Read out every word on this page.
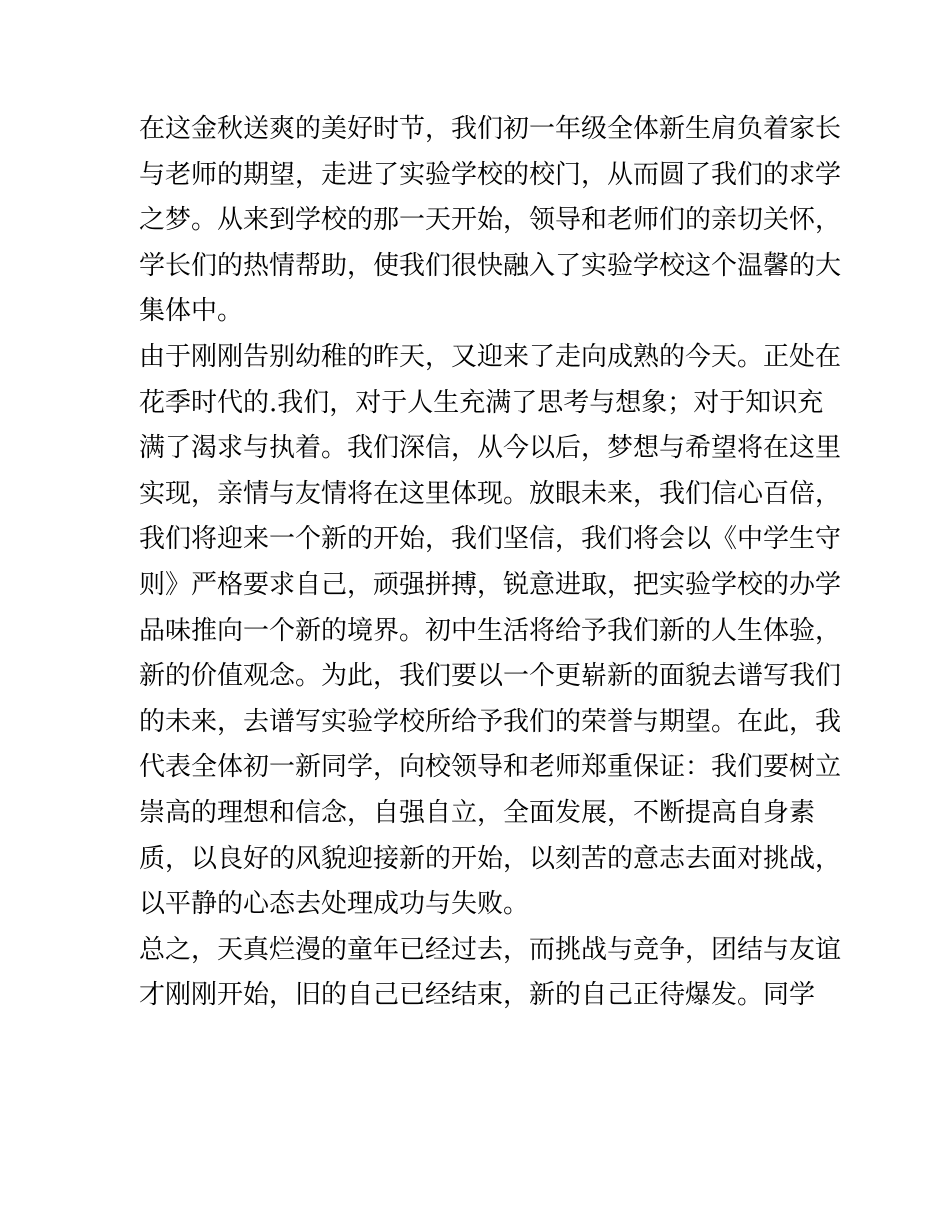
在这金秋送爽的美好时节，我们初一年级全体新生肩负着家长
与老师的期望，走进了实验学校的校门，从而圆了我们的求学
之梦。从来到学校的那一天开始，领导和老师们的亲切关怀，
学长们的热情帮助，使我们很快融入了实验学校这个温馨的大
集体中。
由于刚刚告别幼稚的昨天，又迎来了走向成熟的今天。正处在
花季时代的.我们，对于人生充满了思考与想象；对于知识充
满了渴求与执着。我们深信，从今以后，梦想与希望将在这里
实现，亲情与友情将在这里体现。放眼未来，我们信心百倍，
我们将迎来一个新的开始，我们坚信，我们将会以《中学生守
则》严格要求自己，顽强拼搏，锐意进取，把实验学校的办学
品味推向一个新的境界。初中生活将给予我们新的人生体验，
新的价值观念。为此，我们要以一个更崭新的面貌去谱写我们
的未来，去谱写实验学校所给予我们的荣誉与期望。在此，我
代表全体初一新同学，向校领导和老师郑重保证：我们要树立
崇高的理想和信念，自强自立，全面发展，不断提高自身素
质，以良好的风貌迎接新的开始，以刻苦的意志去面对挑战，
以平静的心态去处理成功与失败。
总之，天真烂漫的童年已经过去，而挑战与竞争，团结与友谊
才刚刚开始，旧的自己已经结束，新的自己正待爆发。同学
